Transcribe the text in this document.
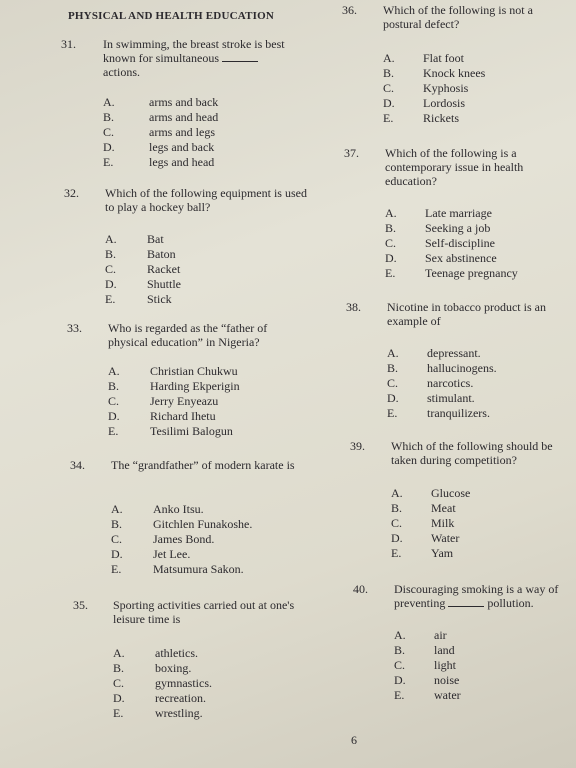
PHYSICAL AND HEALTH EDUCATION
31. In swimming, the breast stroke is best known for simultaneous  actions.
A.	arms and back
B.	arms and head
C.	arms and legs
D.	legs and back
E.	legs and head
32. Which of the following equipment is used to play a hockey ball?
A.	Bat
B.	Baton
C.	Racket
D.	Shuttle
E.	Stick
33. Who is regarded as the “father of physical education” in Nigeria?
A.	Christian Chukwu
B.	Harding Ekperigin
C.	Jerry Enyeazu
D.	Richard Ihetu
E.	Tesilimi Balogun
34. The “grandfather” of modern karate is
A.	Anko Itsu.
B.	Gitchlen Funakoshe.
C.	James Bond.
D.	Jet Lee.
E.	Matsumura Sakon.
35. Sporting activities carried out at one's leisure time is
A.	athletics.
B.	boxing.
C.	gymnastics.
D.	recreation.
E.	wrestling.
36. Which of the following is not a postural defect?
A. Flat foot
B. Knock knees
C. Kyphosis
D. Lordosis
E. Rickets
37. Which of the following is a contemporary issue in health education?
A. Late marriage
B. Seeking a job
C. Self-discipline
D. Sex abstinence
E. Teenage pregnancy
38. Nicotine in tobacco product is an example of
A. depressant.
B. hallucinogens.
C. narcotics.
D. stimulant.
E. tranquilizers.
39. Which of the following should be taken during competition?
A. Glucose
B. Meat
C. Milk
D. Water
E. Yam
40. Discouraging smoking is a way of preventing	pollution.
A. air
B. land
C. light
D. noise
E. water
6
